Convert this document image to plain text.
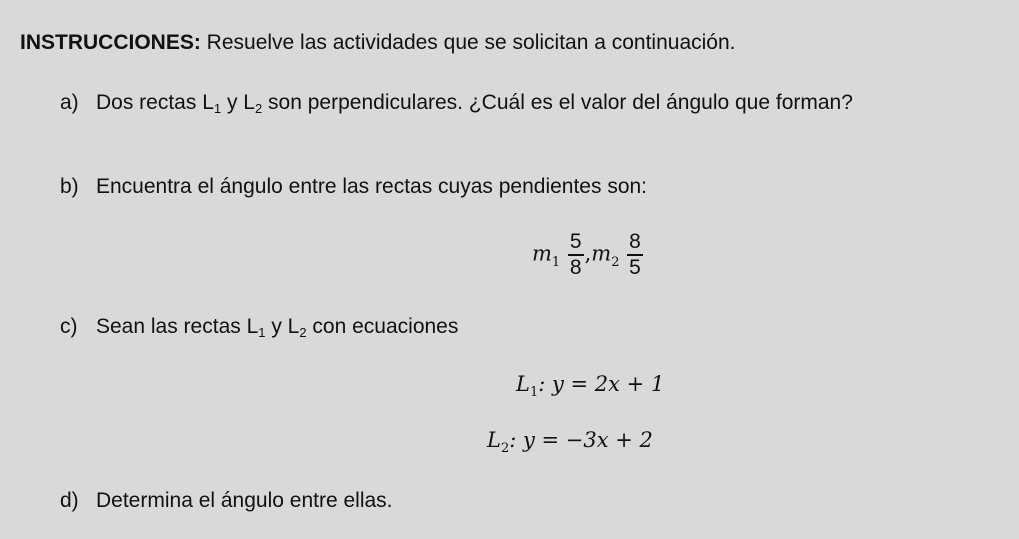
INSTRUCCIONES: Resuelve las actividades que se solicitan a continuación.
a) Dos rectas $L_1$ y $L_2$ son perpendiculares. ¿Cuál es el valor del ángulo que forman?
b) Encuentra el ángulo entre las rectas cuyas pendientes son:
$m_1 \frac{5}{8} ,m_2 \frac{8}{5}$
c) Sean las rectas $L_1$ y $L_2$ con ecuaciones
$L_1$: y = 2x + 1
$L_2$: y = −3x + 2
d) Determina el ángulo entre ellas.
